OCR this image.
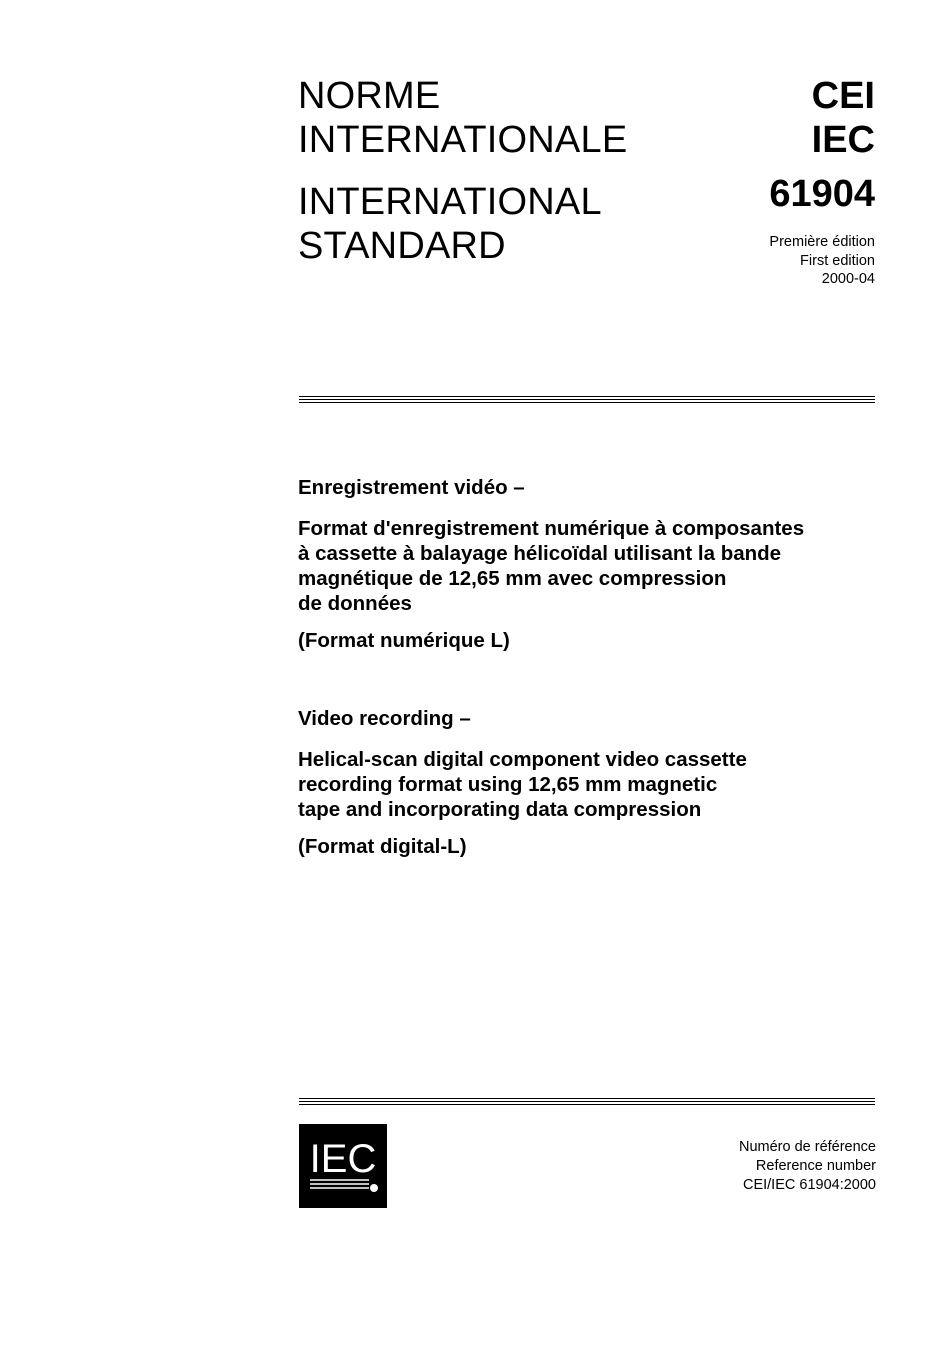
NORME
INTERNATIONALE
INTERNATIONAL
STANDARD
CEI
IEC
61904
Première édition
First edition
2000-04
Enregistrement vidéo –
Format d'enregistrement numérique à composantes
à cassette à balayage hélicoïdal utilisant la bande
magnétique de 12,65 mm avec compression
de données
(Format numérique L)
Video recording –
Helical-scan digital component video cassette
recording format using 12,65 mm magnetic
tape and incorporating data compression
(Format digital-L)
IEC	Numéro de référence
Reference number
CEI/IEC 61904:2000
